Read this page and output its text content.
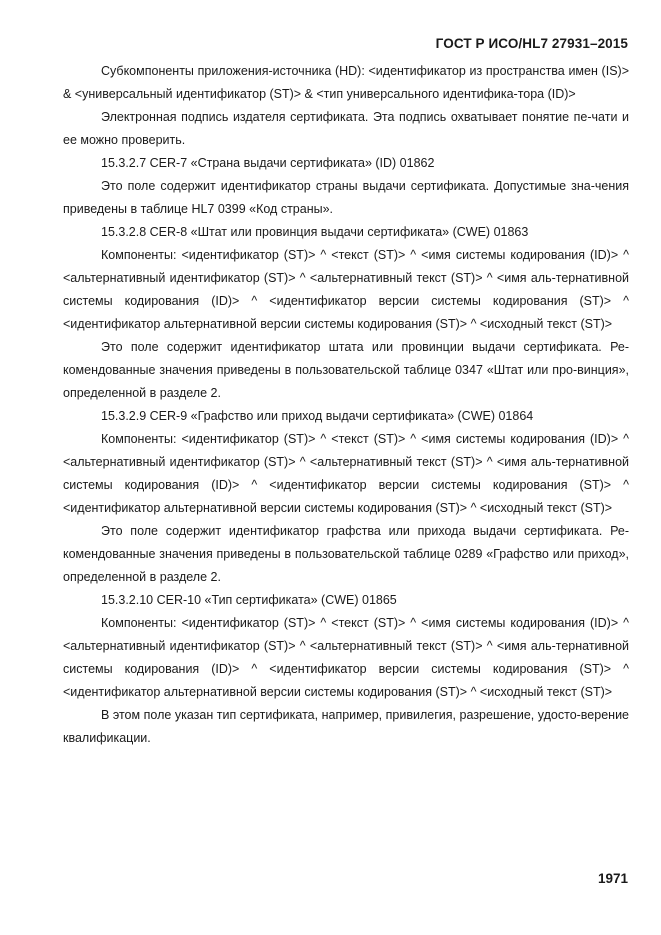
ГОСТ Р ИСО/HL7 27931–2015

Субкомпоненты приложения-источника (HD): <идентификатор из пространства имен (IS)> & <универсальный идентификатор (ST)> & <тип универсального идентифика-тора (ID)>

Электронная подпись издателя сертификата. Эта подпись охватывает понятие пе-чати и ее можно проверить.

15.3.2.7 CER-7 «Страна выдачи сертификата» (ID) 01862

Это поле содержит идентификатор страны выдачи сертификата. Допустимые зна-чения приведены в таблице HL7 0399 «Код страны».

15.3.2.8 CER-8 «Штат или провинция выдачи сертификата» (CWE) 01863

Компоненты: <идентификатор (ST)> ^ <текст (ST)> ^ <имя системы кодирования (ID)> ^ <альтернативный идентификатор (ST)> ^ <альтернативный текст (ST)> ^ <имя аль-тернативной системы кодирования (ID)> ^ <идентификатор версии системы кодирования (ST)> ^ <идентификатор альтернативной версии системы кодирования (ST)> ^ <исходный текст (ST)>

Это поле содержит идентификатор штата или провинции выдачи сертификата. Ре-комендованные значения приведены в пользовательской таблице 0347 «Штат или про-винция», определенной в разделе 2.

15.3.2.9 CER-9 «Графство или приход выдачи сертификата» (CWE) 01864

Компоненты: <идентификатор (ST)> ^ <текст (ST)> ^ <имя системы кодирования (ID)> ^ <альтернативный идентификатор (ST)> ^ <альтернативный текст (ST)> ^ <имя аль-тернативной системы кодирования (ID)> ^ <идентификатор версии системы кодирования (ST)> ^ <идентификатор альтернативной версии системы кодирования (ST)> ^ <исходный текст (ST)>

Это поле содержит идентификатор графства или прихода выдачи сертификата. Ре-комендованные значения приведены в пользовательской таблице 0289 «Графство или приход», определенной в разделе 2.

15.3.2.10 CER-10 «Тип сертификата» (CWE) 01865

Компоненты: <идентификатор (ST)> ^ <текст (ST)> ^ <имя системы кодирования (ID)> ^ <альтернативный идентификатор (ST)> ^ <альтернативный текст (ST)> ^ <имя аль-тернативной системы кодирования (ID)> ^ <идентификатор версии системы кодирования (ST)> ^ <идентификатор альтернативной версии системы кодирования (ST)> ^ <исходный текст (ST)>

В этом поле указан тип сертификата, например, привилегия, разрешение, удосто-верение квалификации.

1971
